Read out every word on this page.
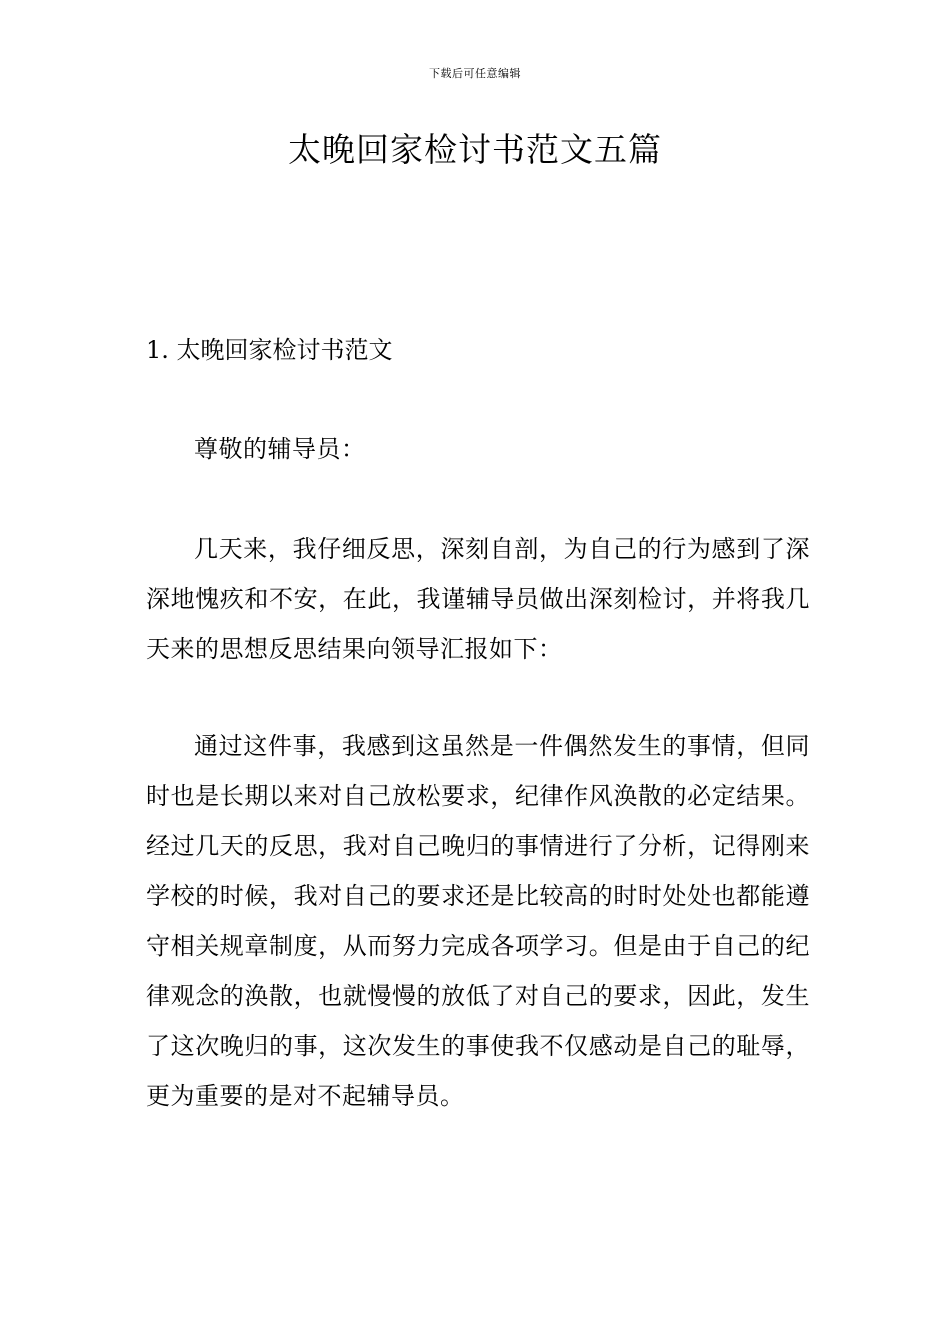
下载后可任意编辑
太晚回家检讨书范文五篇
1. 太晚回家检讨书范文

尊敬的辅导员：

几天来，我仔细反思，深刻自剖，为自己的行为感到了深深地愧疚和不安，在此，我谨辅导员做出深刻检讨，并将我几天来的思想反思结果向领导汇报如下：

通过这件事，我感到这虽然是一件偶然发生的事情，但同时也是长期以来对自己放松要求，纪律作风涣散的必定结果。经过几天的反思，我对自己晚归的事情进行了分析，记得刚来学校的时候，我对自己的要求还是比较高的时时处处也都能遵守相关规章制度，从而努力完成各项学习。但是由于自己的纪律观念的涣散，也就慢慢的放低了对自己的要求，因此，发生了这次晚归的事，这次发生的事使我不仅感动是自己的耻辱，更为重要的是对不起辅导员。
